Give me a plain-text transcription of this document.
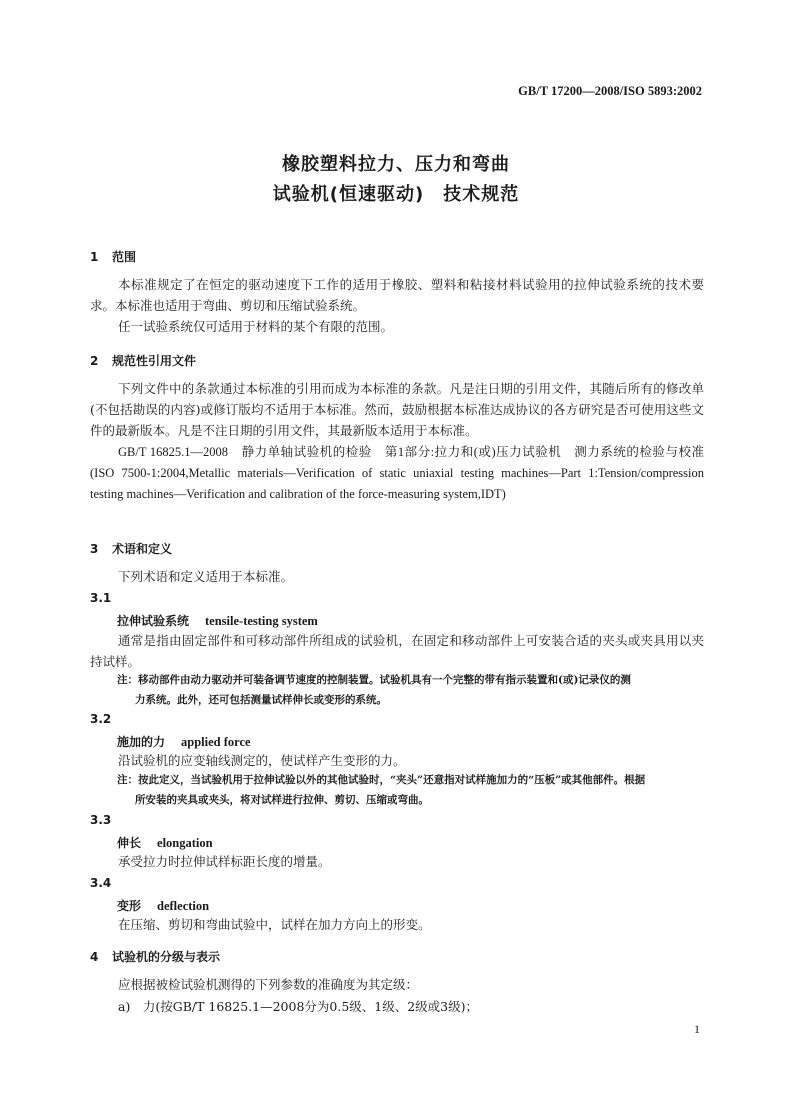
GB/T 17200—2008/ISO 5893:2002
橡胶塑料拉力、压力和弯曲
试验机(恒速驱动)　技术规范
1 范围

本标准规定了在恒定的驱动速度下工作的适用于橡胶、塑料和粘接材料试验用的拉伸试验系统的技术要求。本标准也适用于弯曲、剪切和压缩试验系统。

任一试验系统仅可适用于材料的某个有限的范围。

2 规范性引用文件

下列文件中的条款通过本标准的引用而成为本标准的条款。凡是注日期的引用文件，其随后所有的修改单(不包括勘误的内容)或修订版均不适用于本标准。然而，鼓励根据本标准达成协议的各方研究是否可使用这些文件的最新版本。凡是不注日期的引用文件，其最新版本适用于本标准。

GB/T 16825.1—2008　静力单轴试验机的检验　第1部分:拉力和(或)压力试验机　测力系统的检验与校准(ISO 7500-1:2004,Metallic materials—Verification of static uniaxial testing machines—Part 1:Tension/compression testing machines—Verification and calibration of the force-measuring system,IDT)

3 术语和定义

下列术语和定义适用于本标准。

3.1
拉伸试验系统 tensile-testing system

通常是指由固定部件和可移动部件所组成的试验机，在固定和移动部件上可安装合适的夹头或夹具用以夹持试样。

注：移动部件由动力驱动并可装备调节速度的控制装置。试验机具有一个完整的带有指示装置和(或)记录仪的测
力系统。此外，还可包括测量试样伸长或变形的系统。

3.2
施加的力 applied force

沿试验机的应变轴线测定的，使试样产生变形的力。

注：按此定义，当试验机用于拉伸试验以外的其他试验时，“夹头”还意指对试样施加力的“压板”或其他部件。根据
所安装的夹具或夹头，将对试样进行拉伸、剪切、压缩或弯曲。

3.3
伸长 elongation

承受拉力时拉伸试样标距长度的增量。

3.4
变形 deflection

在压缩、剪切和弯曲试验中，试样在加力方向上的形变。

4 试验机的分级与表示

应根据被检试验机测得的下列参数的准确度为其定级：

a)　力(按GB/T 16825.1—2008分为0.5级、1级、2级或3级)；

1
